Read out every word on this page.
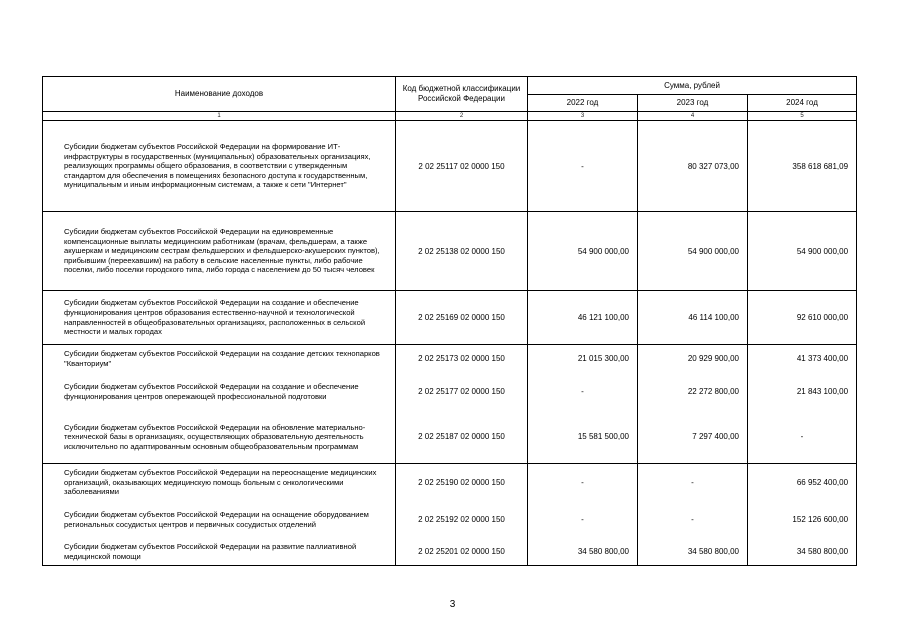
Наименование доходов	Код бюджетной классификации Российской Федерации	Сумма, рублей		
		2022 год	2023 год	2024 год
1	2	3	4	5
Субсидии бюджетам субъектов Российской Федерации на формирование ИТ-инфраструктуры в государственных (муниципальных) образовательных организациях, реализующих программы общего образования, в соответствии с утвержденным стандартом для обеспечения в помещениях безопасного доступа к государственным, муниципальным и иным информационным системам, а также к сети "Интернет"	2 02 25117 02 0000 150	-	80 327 073,00	358 618 681,09
Субсидии бюджетам субъектов Российской Федерации на единовременные компенсационные выплаты медицинским работникам (врачам, фельдшерам, а также акушеркам и медицинским сестрам фельдшерских и фельдшерско-акушерских пунктов), прибывшим (переехавшим) на работу в сельские населенные пункты, либо рабочие поселки, либо поселки городского типа, либо города с населением до 50 тысяч человек	2 02 25138 02 0000 150	54 900 000,00	54 900 000,00	54 900 000,00
Субсидии бюджетам субъектов Российской Федерации на создание и обеспечение функционирования центров образования естественно-научной и технологической направленностей в общеобразовательных организациях, расположенных в сельской местности и малых городах	2 02 25169 02 0000 150	46 121 100,00	46 114 100,00	92 610 000,00
Субсидии бюджетам субъектов Российской Федерации на создание детских технопарков "Кванториум"	2 02 25173 02 0000 150	21 015 300,00	20 929 900,00	41 373 400,00
Субсидии бюджетам субъектов Российской Федерации на создание и обеспечение функционирования центров опережающей профессиональной подготовки	2 02 25177 02 0000 150	-	22 272 800,00	21 843 100,00
Субсидии бюджетам субъектов Российской Федерации на обновление материально-технической базы в организациях, осуществляющих образовательную деятельность исключительно по адаптированным основным общеобразовательным программам	2 02 25187 02 0000 150	15 581 500,00	7 297 400,00	-
Субсидии бюджетам субъектов Российской Федерации на переоснащение медицинских организаций, оказывающих медицинскую помощь больным с онкологическими заболеваниями	2 02 25190 02 0000 150	-	-	66 952 400,00
Субсидии бюджетам субъектов Российской Федерации на оснащение оборудованием региональных сосудистых центров и первичных сосудистых отделений	2 02 25192 02 0000 150	-	-	152 126 600,00
Субсидии бюджетам субъектов Российской Федерации на развитие паллиативной медицинской помощи	2 02 25201 02 0000 150	34 580 800,00	34 580 800,00	34 580 800,00
3
